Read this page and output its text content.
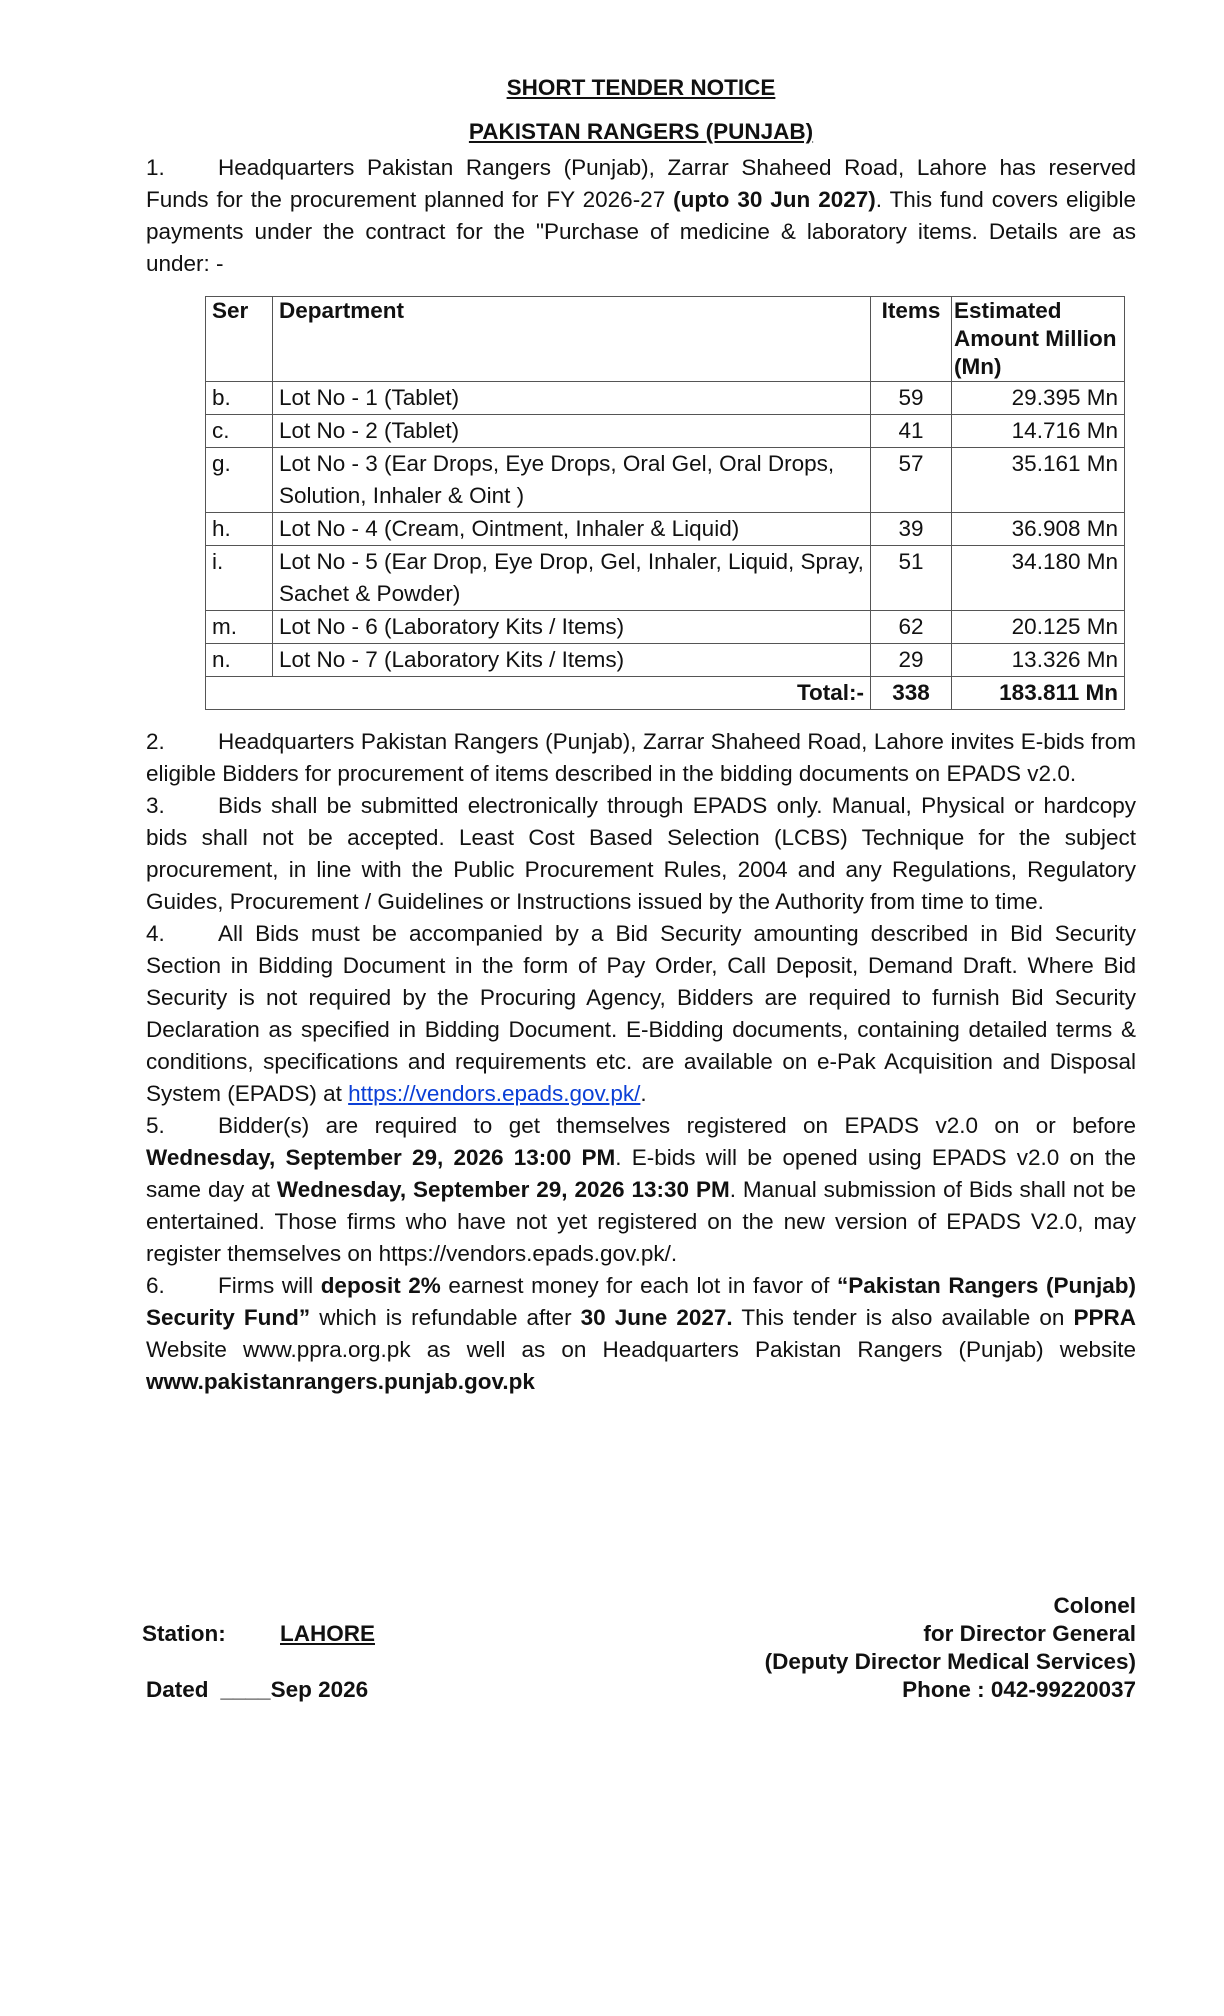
SHORT TENDER NOTICE

PAKISTAN RANGERS (PUNJAB)

1. Headquarters Pakistan Rangers (Punjab), Zarrar Shaheed Road, Lahore has reserved Funds for the procurement planned for FY 2026-27 (upto 30 Jun 2027). This fund covers eligible payments under the contract for the "Purchase of medicine & laboratory items. Details are as under: -

Ser	Department	Items	Estimated Amount Million (Mn)
b.	Lot No - 1 (Tablet)	59	29.395 Mn
c.	Lot No - 2 (Tablet)	41	14.716 Mn
g.	Lot No - 3 (Ear Drops, Eye Drops, Oral Gel, Oral Drops, Solution, Inhaler & Oint )	57	35.161 Mn
h.	Lot No - 4 (Cream, Ointment, Inhaler & Liquid)	39	36.908 Mn
i.	Lot No - 5 (Ear Drop, Eye Drop, Gel, Inhaler, Liquid, Spray, Sachet & Powder)	51	34.180 Mn
m.	Lot No - 6 (Laboratory Kits / Items)	62	20.125 Mn
n.	Lot No - 7 (Laboratory Kits / Items)	29	13.326 Mn
Total:-		338	183.811 Mn

2. Headquarters Pakistan Rangers (Punjab), Zarrar Shaheed Road, Lahore invites E-bids from eligible Bidders for procurement of items described in the bidding documents on EPADS v2.0.

3. Bids shall be submitted electronically through EPADS only. Manual, Physical or hardcopy bids shall not be accepted. Least Cost Based Selection (LCBS) Technique for the subject procurement, in line with the Public Procurement Rules, 2004 and any Regulations, Regulatory Guides, Procurement / Guidelines or Instructions issued by the Authority from time to time.

4. All Bids must be accompanied by a Bid Security amounting described in Bid Security Section in Bidding Document in the form of Pay Order, Call Deposit, Demand Draft. Where Bid Security is not required by the Procuring Agency, Bidders are required to furnish Bid Security Declaration as specified in Bidding Document. E-Bidding documents, containing detailed terms & conditions, specifications and requirements etc. are available on e-Pak Acquisition and Disposal System (EPADS) at https://vendors.epads.gov.pk/.

5. Bidder(s) are required to get themselves registered on EPADS v2.0 on or before Wednesday, September 29, 2026 13:00 PM. E-bids will be opened using EPADS v2.0 on the same day at Wednesday, September 29, 2026 13:30 PM. Manual submission of Bids shall not be entertained. Those firms who have not yet registered on the new version of EPADS V2.0, may register themselves on https://vendors.epads.gov.pk/.

6. Firms will deposit 2% earnest money for each lot in favor of “Pakistan Rangers (Punjab) Security Fund” which is refundable after 30 June 2027. This tender is also available on PPRA Website www.ppra.org.pk as well as on Headquarters Pakistan Rangers (Punjab) website www.pakistanrangers.punjab.gov.pk

Colonel
for Director General
(Deputy Director Medical Services)
Phone : 042-99220037
Station: LAHORE
Dated ____Sep 2026
